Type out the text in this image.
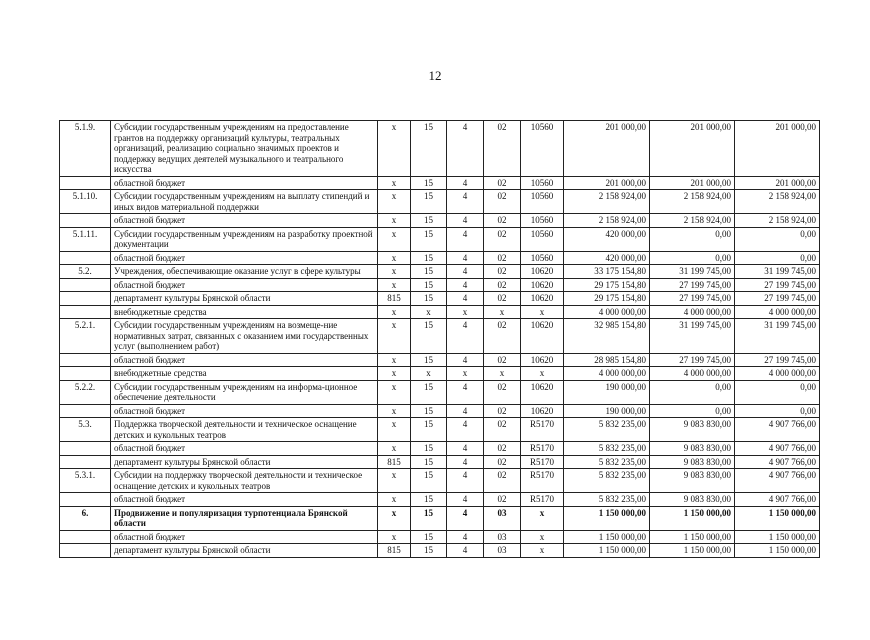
12
5.1.9.	Субсидии государственным учреждениям на предоставление грантов на поддержку организаций культуры, театральных организаций, реализацию социально значимых проектов и поддержку ведущих деятелей музыкального и театрального искусства	x	15	4	02	10560	201 000,00	201 000,00	201 000,00
	областной бюджет	x	15	4	02	10560	201 000,00	201 000,00	201 000,00
5.1.10.	Субсидии государственным учреждениям на выплату стипендий и иных видов материальной поддержки	x	15	4	02	10560	2 158 924,00	2 158 924,00	2 158 924,00
	областной бюджет	x	15	4	02	10560	2 158 924,00	2 158 924,00	2 158 924,00
5.1.11.	Субсидии государственным учреждениям на разработку проектной документации	x	15	4	02	10560	420 000,00	0,00	0,00
	областной бюджет	x	15	4	02	10560	420 000,00	0,00	0,00
5.2.	Учреждения, обеспечивающие оказание услуг в сфере культуры	x	15	4	02	10620	33 175 154,80	31 199 745,00	31 199 745,00
	областной бюджет	x	15	4	02	10620	29 175 154,80	27 199 745,00	27 199 745,00
	департамент культуры Брянской области	815	15	4	02	10620	29 175 154,80	27 199 745,00	27 199 745,00
	внебюджетные средства	x	x	x	x	x	4 000 000,00	4 000 000,00	4 000 000,00
5.2.1.	Субсидии государственным учреждениям на возмеще-ние нормативных затрат, связанных с оказанием ими государственных услуг (выполнением работ)	x	15	4	02	10620	32 985 154,80	31 199 745,00	31 199 745,00
	областной бюджет	x	15	4	02	10620	28 985 154,80	27 199 745,00	27 199 745,00
	внебюджетные средства	x	x	x	x	x	4 000 000,00	4 000 000,00	4 000 000,00
5.2.2.	Субсидии государственным учреждениям на информа-ционное обеспечение деятельности	x	15	4	02	10620	190 000,00	0,00	0,00
	областной бюджет	x	15	4	02	10620	190 000,00	0,00	0,00
5.3.	Поддержка творческой деятельности и техническое оснащение детских и кукольных театров	x	15	4	02	R5170	5 832 235,00	9 083 830,00	4 907 766,00
	областной бюджет	x	15	4	02	R5170	5 832 235,00	9 083 830,00	4 907 766,00
	департамент культуры Брянской области	815	15	4	02	R5170	5 832 235,00	9 083 830,00	4 907 766,00
5.3.1.	Субсидии на поддержку творческой деятельности и техническое оснащение детских и кукольных театров	x	15	4	02	R5170	5 832 235,00	9 083 830,00	4 907 766,00
	областной бюджет	x	15	4	02	R5170	5 832 235,00	9 083 830,00	4 907 766,00
6.	Продвижение и популяризация турпотенциала Брянской области	x	15	4	03	x	1 150 000,00	1 150 000,00	1 150 000,00
	областной бюджет	x	15	4	03	x	1 150 000,00	1 150 000,00	1 150 000,00
	департамент культуры Брянской области	815	15	4	03	x	1 150 000,00	1 150 000,00	1 150 000,00
